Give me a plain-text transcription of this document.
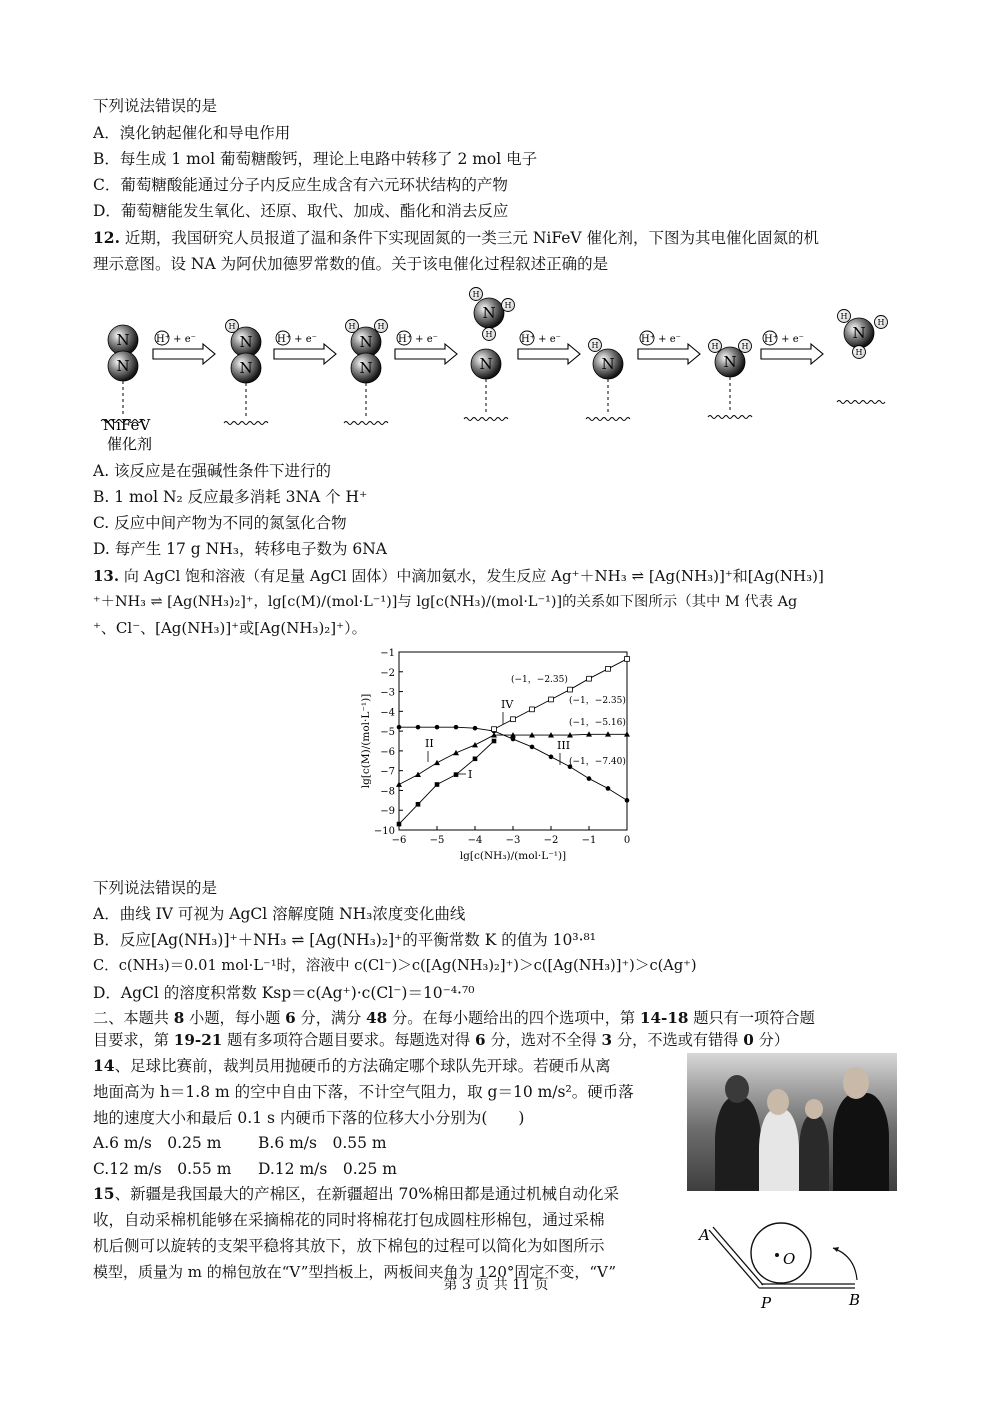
下列说法错误的是
A．溴化钠起催化和导电作用
B．每生成 1 mol 葡萄糖酸钙，理论上电路中转移了 2 mol 电子
C．葡萄糖酸能通过分子内反应生成含有六元环状结构的产物
D．葡萄糖能发生氧化、还原、取代、加成、酯化和消去反应
12. 近期，我国研究人员报道了温和条件下实现固氮的一类三元 NiFeV 催化剂，下图为其电催化固氮的机
理示意图。设 NA 为阿伏加德罗常数的值。关于该电催化过程叙述正确的是
N
N
N
N
H
N
N
H	H
N
H
H
H
N	N
H
N
H	H
N
H
H
H
H⁺ + e⁻	H⁺ + e⁻	H⁺ + e⁻	H⁺ + e⁻	H⁺ + e⁻	H⁺ + e⁻
NiFeV
催化剂
A. 该反应是在强碱性条件下进行的
B. 1 mol N₂ 反应最多消耗 3NA 个 H⁺
C. 反应中间产物为不同的氮氢化合物
D. 每产生 17 g NH₃，转移电子数为 6NA
13. 向 AgCl 饱和溶液（有足量 AgCl 固体）中滴加氨水，发生反应 Ag⁺＋NH₃ ⇌ [Ag(NH₃)]⁺和[Ag(NH₃)]
⁺＋NH₃ ⇌ [Ag(NH₃)₂]⁺，lg[c(M)/(mol·L⁻¹)]与 lg[c(NH₃)/(mol·L⁻¹)]的关系如下图所示（其中 M 代表 Ag
⁺、Cl⁻、[Ag(NH₃)]⁺或[Ag(NH₃)₂]⁺）。
−6 −5 −4 −3 −2 −1	0
−1
−2
−3
−4
−5
−6
−7
−8
−9
−10
lg[c(NH₃)/(mol·L⁻¹)]
lg[c(M)/(mol·L⁻¹)]	I
II	III
IV
(−1，−2.35)
(−1，−2.35)
(−1，−5.16)
(−1，−7.40)
下列说法错误的是
A．曲线 IV 可视为 AgCl 溶解度随 NH₃浓度变化曲线
B．反应[Ag(NH₃)]⁺＋NH₃ ⇌ [Ag(NH₃)₂]⁺的平衡常数 K 的值为 10³·⁸¹
C．c(NH₃)＝0.01 mol·L⁻¹时，溶液中 c(Cl⁻)＞c([Ag(NH₃)₂]⁺)＞c([Ag(NH₃)]⁺)＞c(Ag⁺)
D．AgCl 的溶度积常数 Ksp＝c(Ag⁺)·c(Cl⁻)＝10⁻⁴·⁷⁰
二、本题共 8 小题，每小题 6 分，满分 48 分。在每小题给出的四个选项中，第 14-18 题只有一项符合题
目要求，第 19-21 题有多项符合题目要求。每题选对得 6 分，选对不全得 3 分，不选或有错得 0 分）
14、足球比赛前，裁判员用抛硬币的方法确定哪个球队先开球。若硬币从离
地面高为 h＝1.8 m 的空中自由下落，不计空气阻力，取 g＝10 m/s²。硬币落
地的速度大小和最后 0.1 s 内硬币下落的位移大小分别为(　　)
A.6 m/s　0.25 m B.6 m/s　0.55 m
C.12 m/s　0.55 m D.12 m/s　0.25 m
15、新疆是我国最大的产棉区，在新疆超出 70%棉田都是通过机械自动化采
收，自动采棉机能够在采摘棉花的同时将棉花打包成圆柱形棉包，通过采棉
机后侧可以旋转的支架平稳将其放下，放下棉包的过程可以简化为如图所示
模型，质量为 m 的棉包放在“V”型挡板上，两板间夹角为 120°固定不变，“V”
A
O
P	B
第 3 页 共 11 页
